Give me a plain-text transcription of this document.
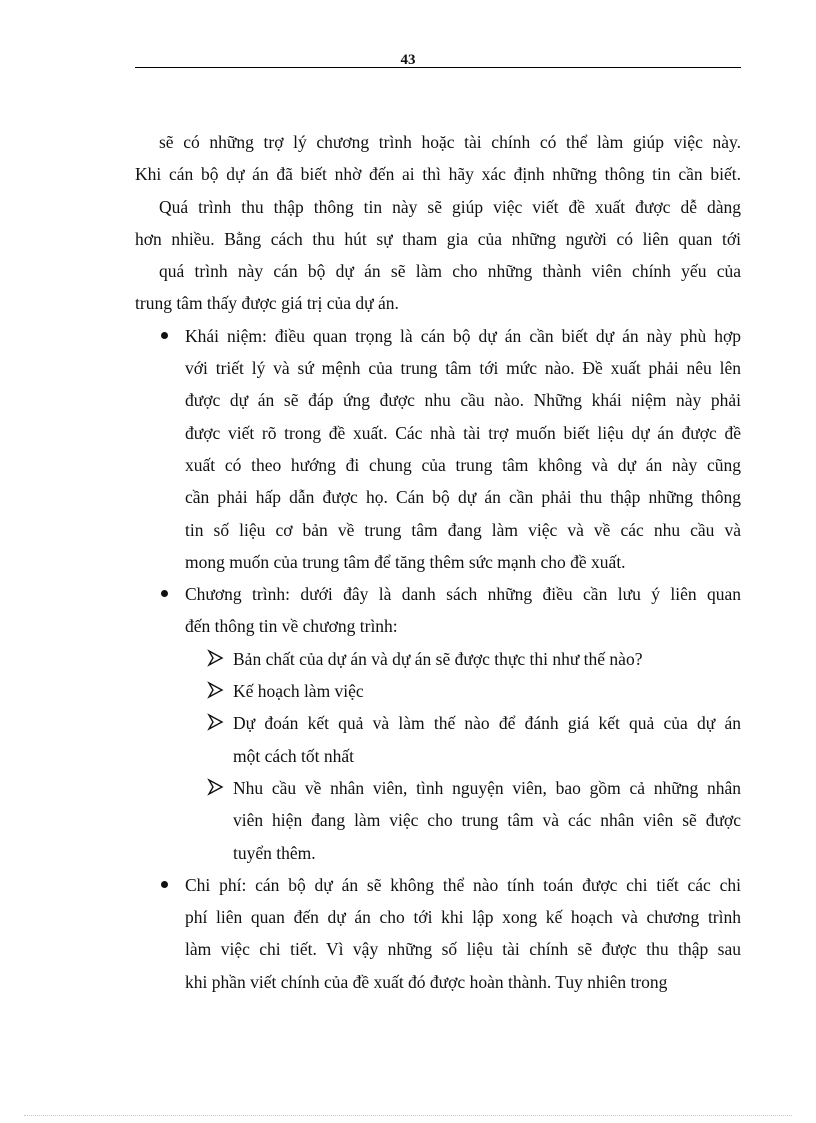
43
sẽ có những trợ lý chương trình hoặc tài chính có thể làm giúp việc này.
Khi cán bộ dự án đã biết nhờ đến ai thì hãy xác định những thông tin cần biết.
Quá trình thu thập thông tin này sẽ giúp việc viết đề xuất được dễ dàng
hơn nhiều. Bằng cách thu hút sự tham gia của những người có liên quan tới
quá trình này cán bộ dự án sẽ làm cho những thành viên chính yếu của
trung tâm thấy được giá trị của dự án.
Khái niệm: điều quan trọng là cán bộ dự án cần biết dự án này phù hợp
với triết lý và sứ mệnh của trung tâm tới mức nào. Đề xuất phải nêu lên
được dự án sẽ đáp ứng được nhu cầu nào. Những khái niệm này phải
được viết rõ trong đề xuất. Các nhà tài trợ muốn biết liệu dự án được đề
xuất có theo hướng đi chung của trung tâm không và dự án này cũng
cần phải hấp dẫn được họ. Cán bộ dự án cần phải thu thập những thông
tin số liệu cơ bản về trung tâm đang làm việc và về các nhu cầu và
mong muốn của trung tâm để tăng thêm sức mạnh cho đề xuất.
Chương trình: dưới đây là danh sách những điều cần lưu ý liên quan
đến thông tin về chương trình:
Bản chất của dự án và dự án sẽ được thực thi như thế nào?
Kế hoạch làm việc
Dự đoán kết quả và làm thế nào để đánh giá kết quả của dự án
một cách tốt nhất
Nhu cầu về nhân viên, tình nguyện viên, bao gồm cả những nhân
viên hiện đang làm việc cho trung tâm và các nhân viên sẽ được
tuyển thêm.
Chi phí: cán bộ dự án sẽ không thể nào tính toán được chi tiết các chi
phí liên quan đến dự án cho tới khi lập xong kế hoạch và chương trình
làm việc chi tiết. Vì vậy những số liệu tài chính sẽ được thu thập sau
khi phần viết chính của đề xuất đó được hoàn thành. Tuy nhiên trong
